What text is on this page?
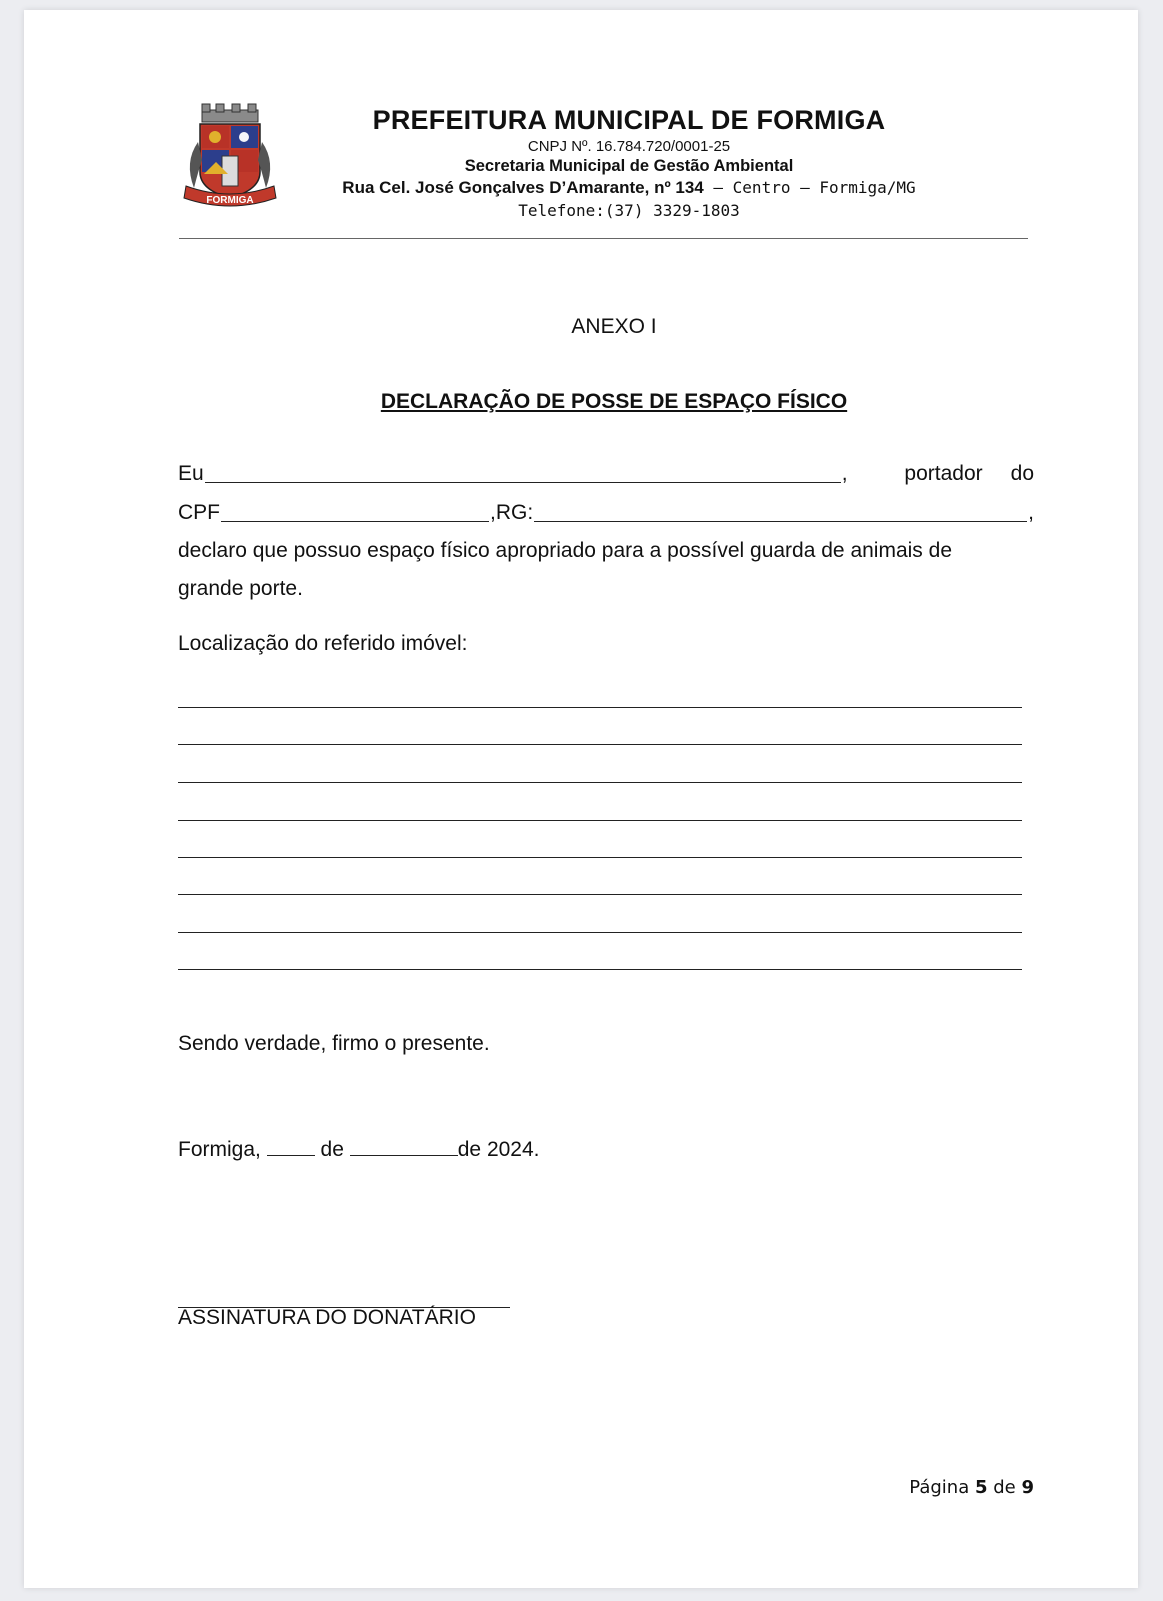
FORMIGA
PREFEITURA MUNICIPAL DE FORMIGA
CNPJ Nº. 16.784.720/0001-25
Secretaria Municipal de Gestão Ambiental
Rua Cel. José Gonçalves D’Amarante, nº 134 – Centro – Formiga/MG
Telefone:(37) 3329-1803
ANEXO I
DECLARAÇÃO DE POSSE DE ESPAÇO FÍSICO
Eu	,	portador do
CPF	,RG:	,
declaro que possuo espaço físico apropriado para a possível guarda de animais de
grande porte.
Localização do referido imóvel:
Sendo verdade, firmo o presente.
Formiga,	de	de 2024.
ASSINATURA DO DONATÁRIO
Página 5 de 9
